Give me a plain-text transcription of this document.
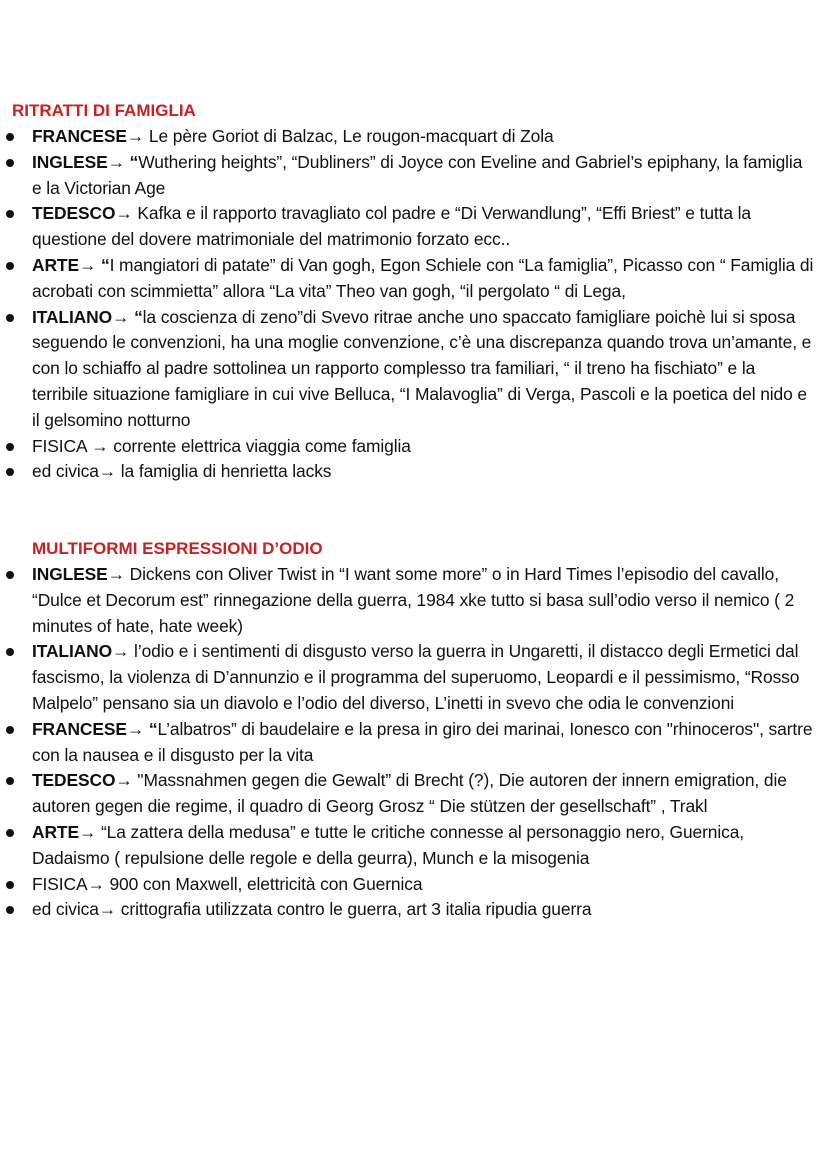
RITRATTI DI FAMIGLIA
FRANCESE→ Le père Goriot di Balzac, Le rougon-macquart di Zola
INGLESE→ “Wuthering heights”, “Dubliners” di Joyce con Eveline and Gabriel’s epiphany, la famiglia e la Victorian Age
TEDESCO→ Kafka e il rapporto travagliato col padre e “Di Verwandlung”, “Effi Briest” e tutta la questione del dovere matrimoniale del matrimonio forzato ecc..
ARTE→ “I mangiatori di patate” di Van gogh, Egon Schiele con “La famiglia”, Picasso con “ Famiglia di acrobati con scimmietta” allora “La vita” Theo van gogh, “il pergolato “ di Lega,
ITALIANO→ “la coscienza di zeno”di Svevo ritrae anche uno spaccato famigliare poichè lui si sposa seguendo le convenzioni, ha una moglie convenzione, c’è una discrepanza quando trova un’amante, e con lo schiaffo al padre sottolinea un rapporto complesso tra familiari, “ il treno ha fischiato” e la terribile situazione famigliare in cui vive Belluca, “I Malavoglia” di Verga, Pascoli e la poetica del nido e il gelsomino notturno
FISICA → corrente elettrica viaggia come famiglia
ed civica→ la famiglia di henrietta lacks
MULTIFORMI ESPRESSIONI D’ODIO
INGLESE→ Dickens con Oliver Twist in “I want some more” o in Hard Times l’episodio del cavallo, “Dulce et Decorum est” rinnegazione della guerra, 1984 xke tutto si basa sull’odio verso il nemico ( 2 minutes of hate, hate week)
ITALIANO→ l’odio e i sentimenti di disgusto verso la guerra in Ungaretti, il distacco degli Ermetici dal fascismo, la violenza di D’annunzio e il programma del superuomo, Leopardi e il pessimismo, “Rosso Malpelo” pensano sia un diavolo e l’odio del diverso, L’inetti in svevo che odia le convenzioni
FRANCESE→ “L’albatros” di baudelaire e la presa in giro dei marinai, Ionesco con "rhinoceros", sartre con la nausea e il disgusto per la vita
TEDESCO→ "Massnahmen gegen die Gewalt” di Brecht (?), Die autoren der innern emigration, die autoren gegen die regime, il quadro di Georg Grosz “ Die stützen der gesellschaft” , Trakl
ARTE→ “La zattera della medusa” e tutte le critiche connesse al personaggio nero, Guernica, Dadaismo ( repulsione delle regole e della geurra), Munch e la misogenia
FISICA→ 900 con Maxwell, elettricità con Guernica
ed civica→ crittografia utilizzata contro le guerra, art 3 italia ripudia guerra
